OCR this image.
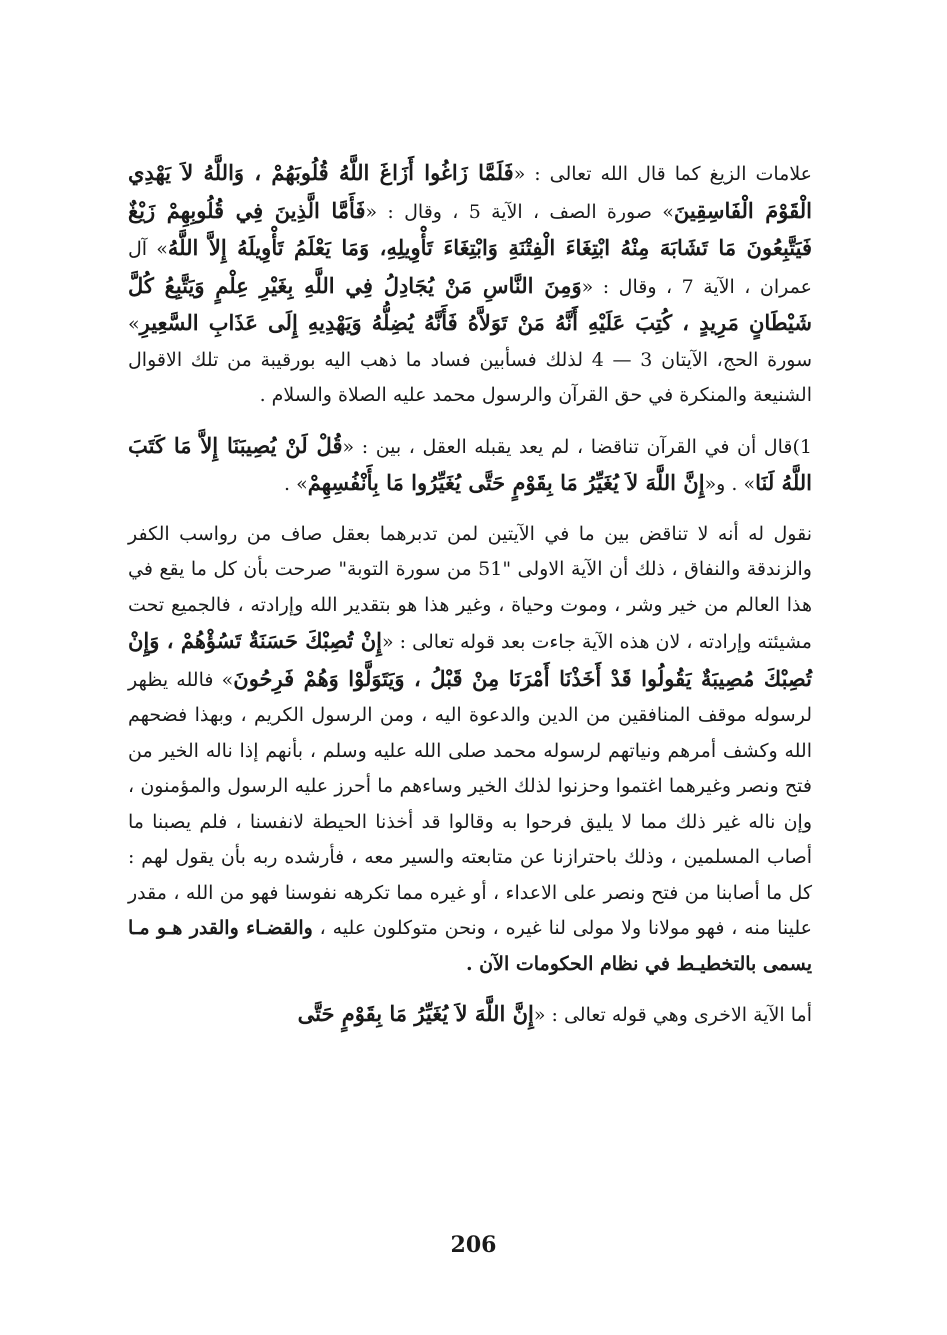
علامات الزيغ كما قال الله تعالى : «فَلَمَّا زَاغُوا أَزَاغَ اللَّهُ قُلُوبَهُمْ ، وَاللَّهُ لاَ يَهْدِي الْقَوْمَ الْفَاسِقِينَ» صورة الصف ، الآية 5 ، وقال : «فَأَمَّا الَّذِينَ فِي قُلُوبِهِمْ زَيْغٌ فَيَتَّبِعُونَ مَا تَشَابَهَ مِنْهُ ابْتِغَاءَ الْفِتْنَةِ وَابْتِغَاءَ تَأْوِيلِهِ، وَمَا يَعْلَمُ تَأْوِيلَهُ إِلاَّ اللَّهُ» آل عمران ، الآية 7 ، وقال : «وَمِنَ النَّاسِ مَنْ يُجَادِلُ فِي اللَّهِ بِغَيْرِ عِلْمٍ وَيَتَّبِعُ كُلَّ شَيْطَانٍ مَرِيدٍ ، كُتِبَ عَلَيْهِ أَنَّهُ مَنْ تَوَلاَّهُ فَأَنَّهُ يُضِلُّهُ وَيَهْدِيهِ إِلَى عَذَابِ السَّعِيرِ» سورة الحج، الآيتان 3 — 4 لذلك فسأبين فساد ما ذهب اليه بورقيبة من تلك الاقوال الشنيعة والمنكرة في حق القرآن والرسول محمد عليه الصلاة والسلام .

1)قال أن في القرآن تناقضا ، لم يعد يقبله العقل ، بين : «قُلْ لَنْ يُصِيبَنَا إِلاَّ مَا كَتَبَ اللَّهُ لَنَا» . و«إِنَّ اللَّهَ لاَ يُغَيِّرُ مَا بِقَوْمٍ حَتَّى يُغَيِّرُوا مَا بِأَنْفُسِهِمْ» .

نقول له أنه لا تناقض بين ما في الآيتين لمن تدبرهما بعقل صاف من رواسب الكفر والزندقة والنفاق ، ذلك أن الآية الاولى "51 من سورة التوبة" صرحت بأن كل ما يقع في هذا العالم من خير وشر ، وموت وحياة ، وغير هذا هو بتقدير الله وإرادته ، فالجميع تحت مشيئته وإرادته ، لان هذه الآية جاءت بعد قوله تعالى : «إِنْ تُصِبْكَ حَسَنَةٌ تَسُؤْهُمْ ، وَإِنْ تُصِبْكَ مُصِيبَةٌ يَقُولُوا قَدْ أَخَذْنَا أَمْرَنَا مِنْ قَبْلُ ، وَيَتَوَلَّوْا وَهُمْ فَرِحُونَ» فالله يظهر لرسوله موقف المنافقين من الدين والدعوة اليه ، ومن الرسول الكريم ، وبهذا فضحهم الله وكشف أمرهم ونياتهم لرسوله محمد صلى الله عليه وسلم ، بأنهم إذا ناله الخير من فتح ونصر وغيرهما اغتموا وحزنوا لذلك الخير وساءهم ما أحرز عليه الرسول والمؤمنون ، وإن ناله غير ذلك مما لا يليق فرحوا به وقالوا قد أخذنا الحيطة لانفسنا ، فلم يصبنا ما أصاب المسلمين ، وذلك باحترازنا عن متابعته والسير معه ، فأرشده ربه بأن يقول لهم : كل ما أصابنا من فتح ونصر على الاعداء ، أو غيره مما تكرهه نفوسنا فهو من الله ، مقدر علينا منه ، فهو مولانا ولا مولى لنا غيره ، ونحن متوكلون عليه ، والقضـاء والقدر هـو مـا يسمى بالتخطيـط في نظام الحكومات الآن .

أما الآية الاخرى وهي قوله تعالى : «إِنَّ اللَّهَ لاَ يُغَيِّرُ مَا بِقَوْمٍ حَتَّى

206
